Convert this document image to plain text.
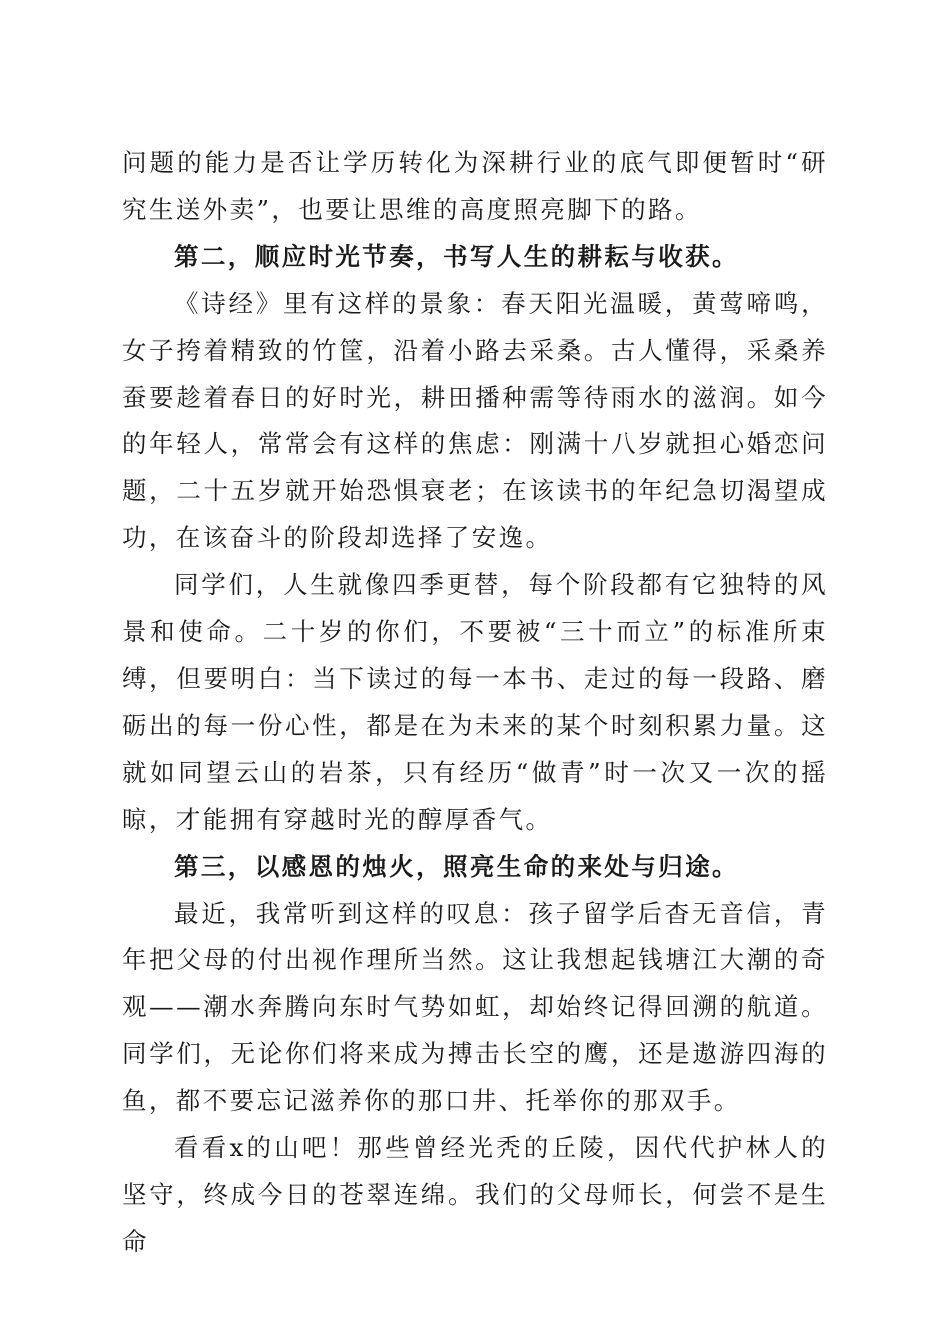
问题的能力是否让学历转化为深耕行业的底气即便暂时“研究生送外卖”，也要让思维的高度照亮脚下的路。

第二，顺应时光节奏，书写人生的耕耘与收获。

《诗经》里有这样的景象：春天阳光温暖，黄莺啼鸣，女子挎着精致的竹筐，沿着小路去采桑。古人懂得，采桑养蚕要趁着春日的好时光，耕田播种需等待雨水的滋润。如今的年轻人，常常会有这样的焦虑：刚满十八岁就担心婚恋问题，二十五岁就开始恐惧衰老；在该读书的年纪急切渴望成功，在该奋斗的阶段却选择了安逸。

同学们，人生就像四季更替，每个阶段都有它独特的风景和使命。二十岁的你们，不要被“三十而立”的标准所束缚，但要明白：当下读过的每一本书、走过的每一段路、磨砺出的每一份心性，都是在为未来的某个时刻积累力量。这就如同望云山的岩茶，只有经历“做青”时一次又一次的摇晾，才能拥有穿越时光的醇厚香气。

第三，以感恩的烛火，照亮生命的来处与归途。

最近，我常听到这样的叹息：孩子留学后杳无音信，青年把父母的付出视作理所当然。这让我想起钱塘江大潮的奇观——潮水奔腾向东时气势如虹，却始终记得回溯的航道。同学们，无论你们将来成为搏击长空的鹰，还是遨游四海的鱼，都不要忘记滋养你的那口井、托举你的那双手。

看看x的山吧！那些曾经光秃的丘陵，因代代护林人的坚守，终成今日的苍翠连绵。我们的父母师长，何尝不是生命
